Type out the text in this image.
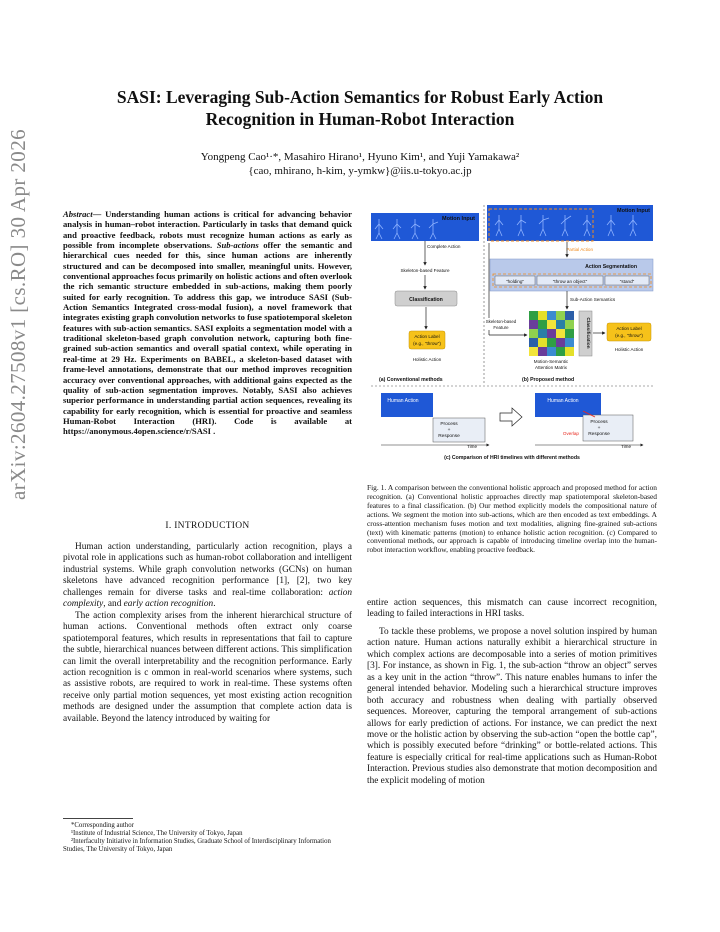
arXiv:2604.27508v1 [cs.RO] 30 Apr 2026
SASI: Leveraging Sub-Action Semantics for Robust Early Action
Recognition in Human-Robot Interaction
Yongpeng Cao¹·*, Masahiro Hirano¹, Hyuno Kim¹, and Yuji Yamakawa²
{cao, mhirano, h-kim, y-ymkw}@iis.u-tokyo.ac.jp
Abstract— Understanding human actions is critical for advancing behavior analysis in human–robot interaction. Particularly in tasks that demand quick and proactive feedback, robots must recognize human actions as early as possible from incomplete observations. Sub-actions offer the semantic and hierarchical cues needed for this, since human actions are inherently structured and can be decomposed into smaller, meaningful units. However, conventional approaches focus primarily on holistic actions and often overlook the rich semantic structure embedded in sub-actions, making them poorly suited for early recognition. To address this gap, we introduce SASI (Sub-Action Semantics Integrated cross-modal fusion), a novel framework that integrates existing graph convolution networks to fuse spatiotemporal skeleton features with sub-action semantics. SASI exploits a segmentation model with a traditional skeleton-based graph convolution network, capturing both fine-grained sub-action semantics and overall spatial context, while operating in real-time at 29 Hz. Experiments on BABEL, a skeleton-based dataset with frame-level annotations, demonstrate that our method improves recognition accuracy over conventional approaches, with additional gains expected as the quality of sub-action segmentation improves. Notably, SASI also achieves superior performance in understanding partial action sequences, revealing its capability for early recognition, which is essential for proactive and seamless Human-Robot Interaction (HRI). Code is available at https://anonymous.4open.science/r/SASI .
I. INTRODUCTION

Human action understanding, particularly action recognition, plays a pivotal role in applications such as human-robot collaboration and intelligent industrial systems. While graph convolution networks (GCNs) on human skeletons have advanced recognition performance [1], [2], two key challenges remain for diverse tasks and real-time collaboration: action complexity, and early action recognition.

The action complexity arises from the inherent hierarchical structure of human actions. Conventional methods often extract only coarse spatiotemporal features, which results in representations that fail to capture the subtle, hierarchical nuances between different actions. This simplification can limit the overall interpretability and the recognition performance. Early action recognition is c ommon in real-world scenarios where systems, such as assistive robots, are required to work in real-time. These systems often receive only partial motion sequences, yet most existing action recognition methods are designed under the assumption that complete action data is available. Beyond the latency introduced by waiting for

*Corresponding author
¹Institute of Industrial Science, The University of Tokyo, Japan
²Interfaculty Initiative in Information Studies, Graduate School of Interdisciplinary Information Studies, The University of Tokyo, Japan
Motion Input
Complete Action
Skeleton-based Feature
Classification
Action Label
(e.g., "throw")
Holistic Action
Motion Input
Partial Action
Action Segmentation
"holding"	"throw an object"	"stand"
Sub-Action Semantics
Skeleton-based
Feature
Motion-Semantic
Attention Matrix
Classification	Action Label
(e.g., "throw")
Holistic Action
(a) Conventional methods	(b) Proposed method
Human Action
Process
+
Response
Time
Human Action
Process
+
Response
Overlap
Time
(c) Comparison of HRI timelines with different methods
Fig. 1. A comparison between the conventional holistic approach and proposed method for action recognition. (a) Conventional holistic approaches directly map spatiotemporal skeleton-based features to a final classification. (b) Our method explicitly models the compositional nature of actions. We segment the motion into sub-actions, which are then encoded as text embeddings. A cross-attention mechanism fuses motion and text modalities, aligning fine-grained sub-actions (text) with kinematic patterns (motion) to enhance holistic action recognition. (c) Compared to conventional methods, our approach is capable of introducing timeline overlap into the human-robot interaction workflow, enabling proactive feedback.

entire action sequences, this mismatch can cause incorrect recognition, leading to failed interactions in HRI tasks.

To tackle these problems, we propose a novel solution inspired by human action nature. Human actions naturally exhibit a hierarchical structure in which complex actions are decomposable into a series of motion primitives [3]. For instance, as shown in Fig. 1, the sub-action “throw an object” serves as a key unit in the action “throw”. This nature enables humans to infer the general intended behavior. Modeling such a hierarchical structure improves both accuracy and robustness when dealing with partially observed sequences. Moreover, capturing the temporal arrangement of sub-actions allows for early prediction of actions. For instance, we can predict the next move or the holistic action by observing the sub-action “open the bottle cap”, which is possibly executed before “drinking” or bottle-related actions. This feature is especially critical for real-time applications such as Human-Robot Interaction. Previous studies also demonstrate that motion decomposition and the explicit modeling of motion
